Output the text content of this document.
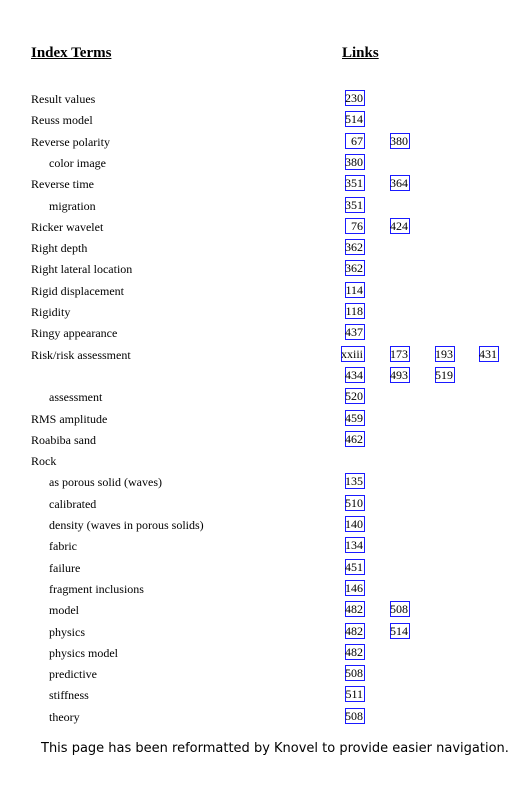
Index Terms	Links
Result values	230
Reuss model	514
Reverse polarity	67 380
color image	380
Reverse time	351 364
migration	351
Ricker wavelet	76 424
Right depth	362
Right lateral location	362
Rigid displacement	114
Rigidity	118
Ringy appearance	437
Risk/risk assessment	xxiii 173 193 431
434 493 519
assessment	520
RMS amplitude	459
Roabiba sand	462
Rock
as porous solid (waves)	135
calibrated	510
density (waves in porous solids)	140
fabric	134
failure	451
fragment inclusions	146
model	482 508
physics	482 514
physics model	482
predictive	508
stiffness	511
theory	508
This page has been reformatted by Knovel to provide easier navigation.
